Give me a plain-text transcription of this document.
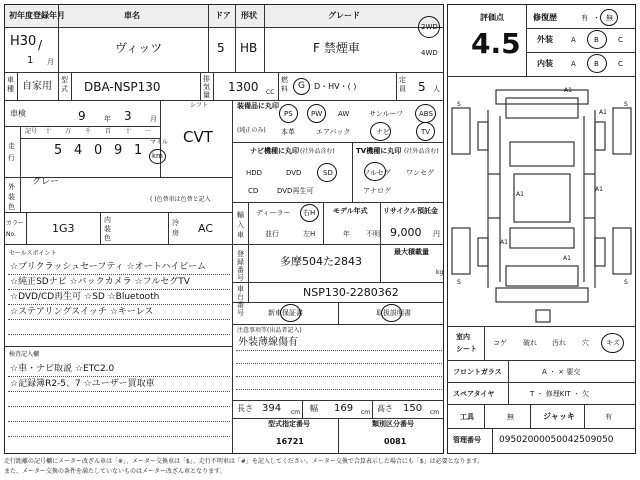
初年度登録年月	車名	ドア 形状	グレード
H30 /
1 月
ヴィッツ	5 HB	F 禁煙車
2WD
4WD
車種 自家用
型式 DBA-NSP130
排気量
1300 CC
燃料 G D・HV・( )
定員 5 人
車検	9	年 3	月
シフト
CVT
走行
記号 十 万 千 百 十 一
5 4 0 9 1
マイル
km
外装色
グレー
( )色替車は色替と記入
カラーNo.	1G3
内装色
冷房 AC
セールスポイント
☆プリクラッシュセーフティ ☆オートハイビーム
☆純正SDナビ ☆バックカメラ ☆フルセグTV
☆DVD/CD再生可 ☆SD ☆Bluetooth
☆ステアリングスイッチ ☆キーレス
検査記入欄
☆車・ナビ取説 ☆ETC2.0
☆記録簿R2-5、7 ☆ユーザー買取車
装備品に丸印
(純正のみ)
PS	PW AW	サンルーフ ABS
本革	エアバック	ナビ	TV
ナビ機種に丸印 (社外品含む)	TV機種に丸印 (社外品含む)
HDD	DVD	SD
CD	DVD再生可
フルセグ ワンセグ
アナログ
輸入車
ディーラー 右H
並行	左H
モデル年式
年 不明
リサイクル預託金
9,000 円
登録番号
多摩504た2843
最大積載量
kg
車台番号
NSP130-2280362
新車保証書	取扱説明書
注意事項等(出品者記入)
外装薄線傷有
長さ 394 cm 幅 169 cm 高さ 150 cm
型式指定番号
16721
類別区分番号
0081
評価点
4.5
修復歴	有 ・ 無
外装	A	B	C
内装	A	B	C
S	S
S	S
A1
A1
A1
A1
A1
A1
室内
シート
コゲ 破れ 汚れ 穴 キズ
フロントガラス	A ・ × 要交
スペアタイヤ	T ・ 修理KIT ・ 欠
工具	無	ジャッキ	有
管理番号 09502000050042509050
走行距離の記号欄にメーター改ざん車は「※」、メーター交換車は「$」、走行不明車は「#」を記入してください。メーター交換で合算表示した場合にも「$」は必要となります。
また、メーター交換の条件を満たしていないものはメーター改ざん車となります。
